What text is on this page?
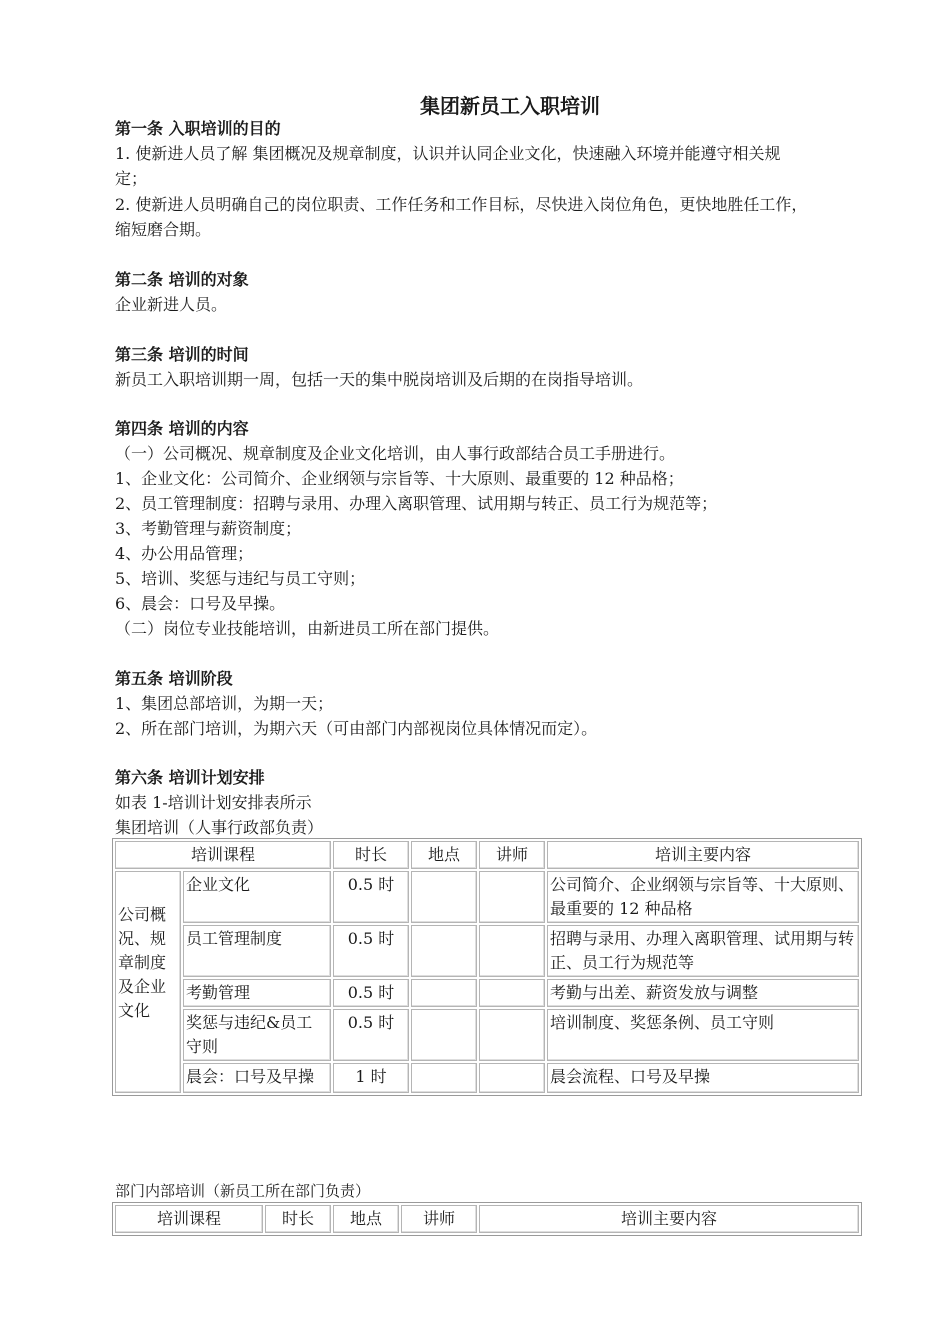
集团新员工入职培训
第一条 入职培训的目的
1. 使新进人员了解 集团概况及规章制度，认识并认同企业文化，快速融入环境并能遵守相关规
定；
2. 使新进人员明确自己的岗位职责、工作任务和工作目标，尽快进入岗位角色，更快地胜任工作，
缩短磨合期。
第二条 培训的对象
企业新进人员。
第三条 培训的时间
新员工入职培训期一周，包括一天的集中脱岗培训及后期的在岗指导培训。
第四条 培训的内容
（一）公司概况、规章制度及企业文化培训，由人事行政部结合员工手册进行。
1、企业文化：公司简介、企业纲领与宗旨等、十大原则、最重要的 12 种品格；
2、员工管理制度：招聘与录用、办理入离职管理、试用期与转正、员工行为规范等；
3、考勤管理与薪资制度；
4、办公用品管理；
5、培训、奖惩与违纪与员工守则；
6、晨会：口号及早操。
（二）岗位专业技能培训，由新进员工所在部门提供。
第五条 培训阶段
1、集团总部培训，为期一天；
2、所在部门培训，为期六天（可由部门内部视岗位具体情况而定）。
第六条 培训计划安排
如表 1-培训计划安排表所示
集团培训（人事行政部负责）
培训课程		时长	地点	讲师	培训主要内容
公司概况、规章制度及企业文化	企业文化	0.5 时			公司简介、企业纲领与宗旨等、十大原则、最重要的 12 种品格
	员工管理制度	0.5 时			招聘与录用、办理入离职管理、试用期与转正、员工行为规范等
	考勤管理	0.5 时			考勤与出差、薪资发放与调整
	奖惩与违纪&员工守则	0.5 时			培训制度、奖惩条例、员工守则
	晨会：口号及早操	1 时			晨会流程、口号及早操
部门内部培训（新员工所在部门负责）
培训课程	时长	地点	讲师	培训主要内容
